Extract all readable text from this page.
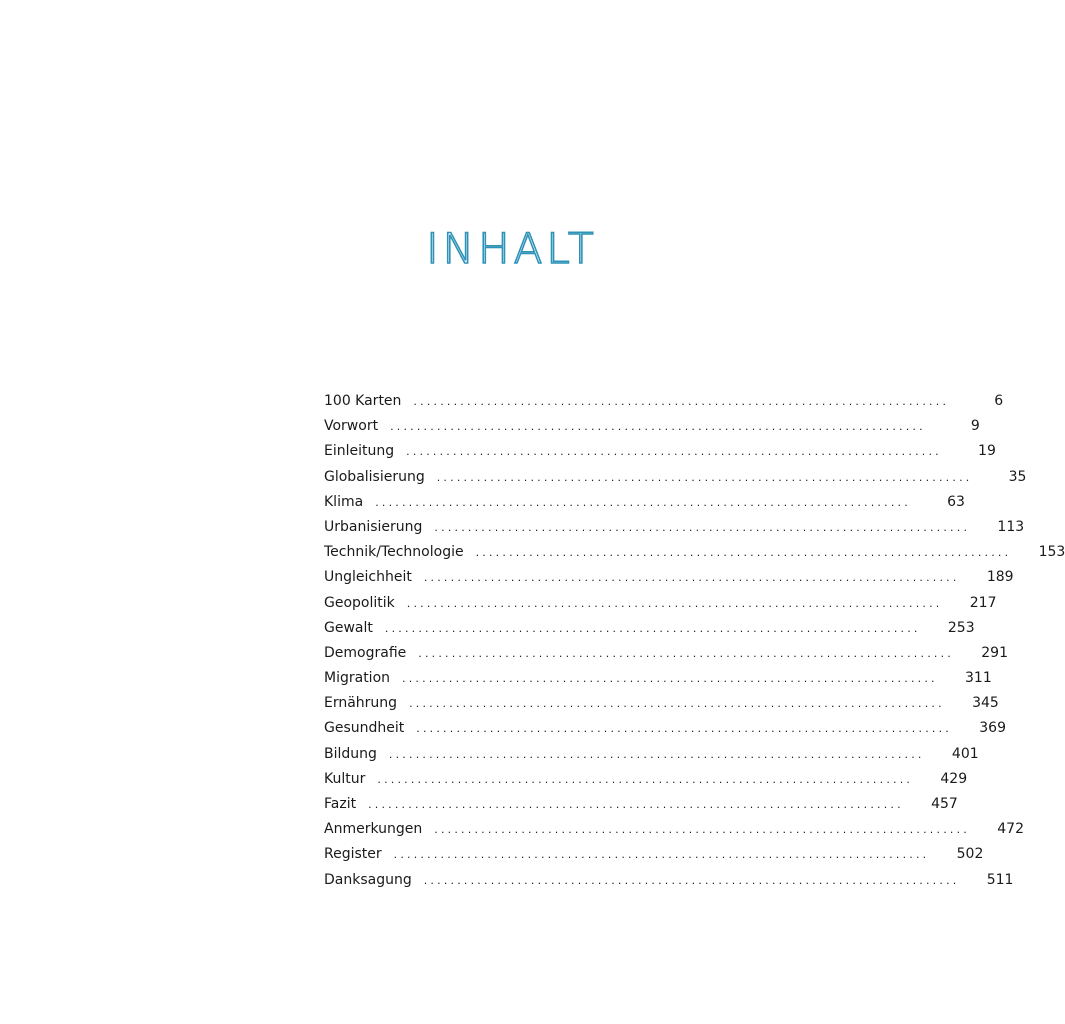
INHALT
100 Karten ................................................................................	6
Vorwort ................................................................................	9
Einleitung ................................................................................	19
Globalisierung ................................................................................	35
Klima ................................................................................	63
Urbanisierung ................................................................................	113
Technik/Technologie ................................................................................	153
Ungleichheit ................................................................................	189
Geopolitik ................................................................................	217
Gewalt ................................................................................	253
Demografie ................................................................................	291
Migration ................................................................................	311
Ernährung ................................................................................	345
Gesundheit ................................................................................	369
Bildung ................................................................................	401
Kultur ................................................................................	429
Fazit ................................................................................	457
Anmerkungen ................................................................................	472
Register ................................................................................	502
Danksagung ................................................................................	511
